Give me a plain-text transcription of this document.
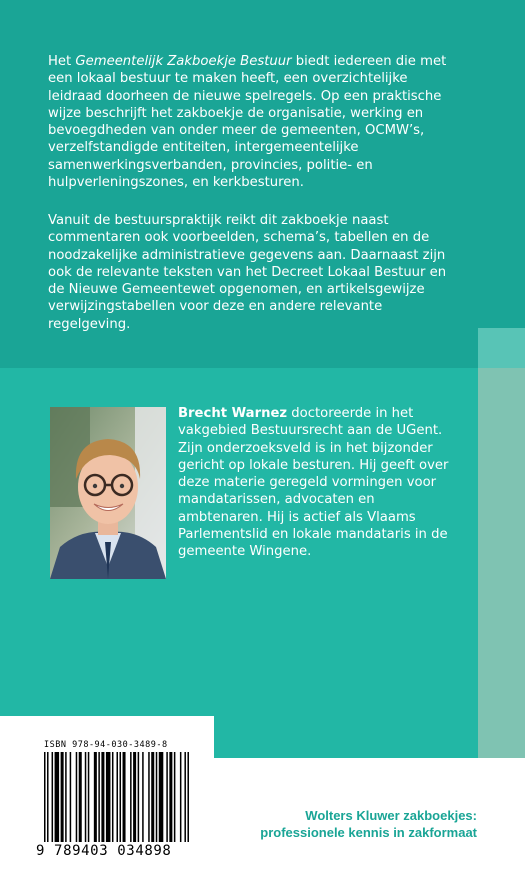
Het Gemeentelijk Zakboekje Bestuur biedt iedereen die met een lokaal bestuur te maken heeft, een overzichtelijke leidraad doorheen de nieuwe spelregels. Op een praktische wijze beschrijft het zakboekje de organisatie, werking en bevoegdheden van onder meer de gemeenten, OCMW’s, verzelfstandigde entiteiten, intergemeentelijke samenwerkingsverbanden, provincies, politie- en hulpverleningszones, en kerkbesturen.

Vanuit de bestuurspraktijk reikt dit zakboekje naast commentaren ook voorbeelden, schema’s, tabellen en de noodzakelijke administratieve gegevens aan. Daarnaast zijn ook de relevante teksten van het Decreet Lokaal Bestuur en de Nieuwe Gemeentewet opgenomen, en artikelsgewijze verwijzingstabellen voor deze en andere relevante regelgeving.

Brecht Warnez doctoreerde in het vakgebied Bestuursrecht aan de UGent. Zijn onderzoeksveld is in het bijzonder gericht op lokale besturen. Hij geeft over deze materie geregeld vormingen voor mandatarissen, advocaten en ambtenaren. Hij is actief als Vlaams Parlementslid en lokale mandataris in de gemeente Wingene.

ISBN 978-94-030-3489-8
9 789403 034898
Wolters Kluwer zakboekjes:
professionele kennis in zakformaat
